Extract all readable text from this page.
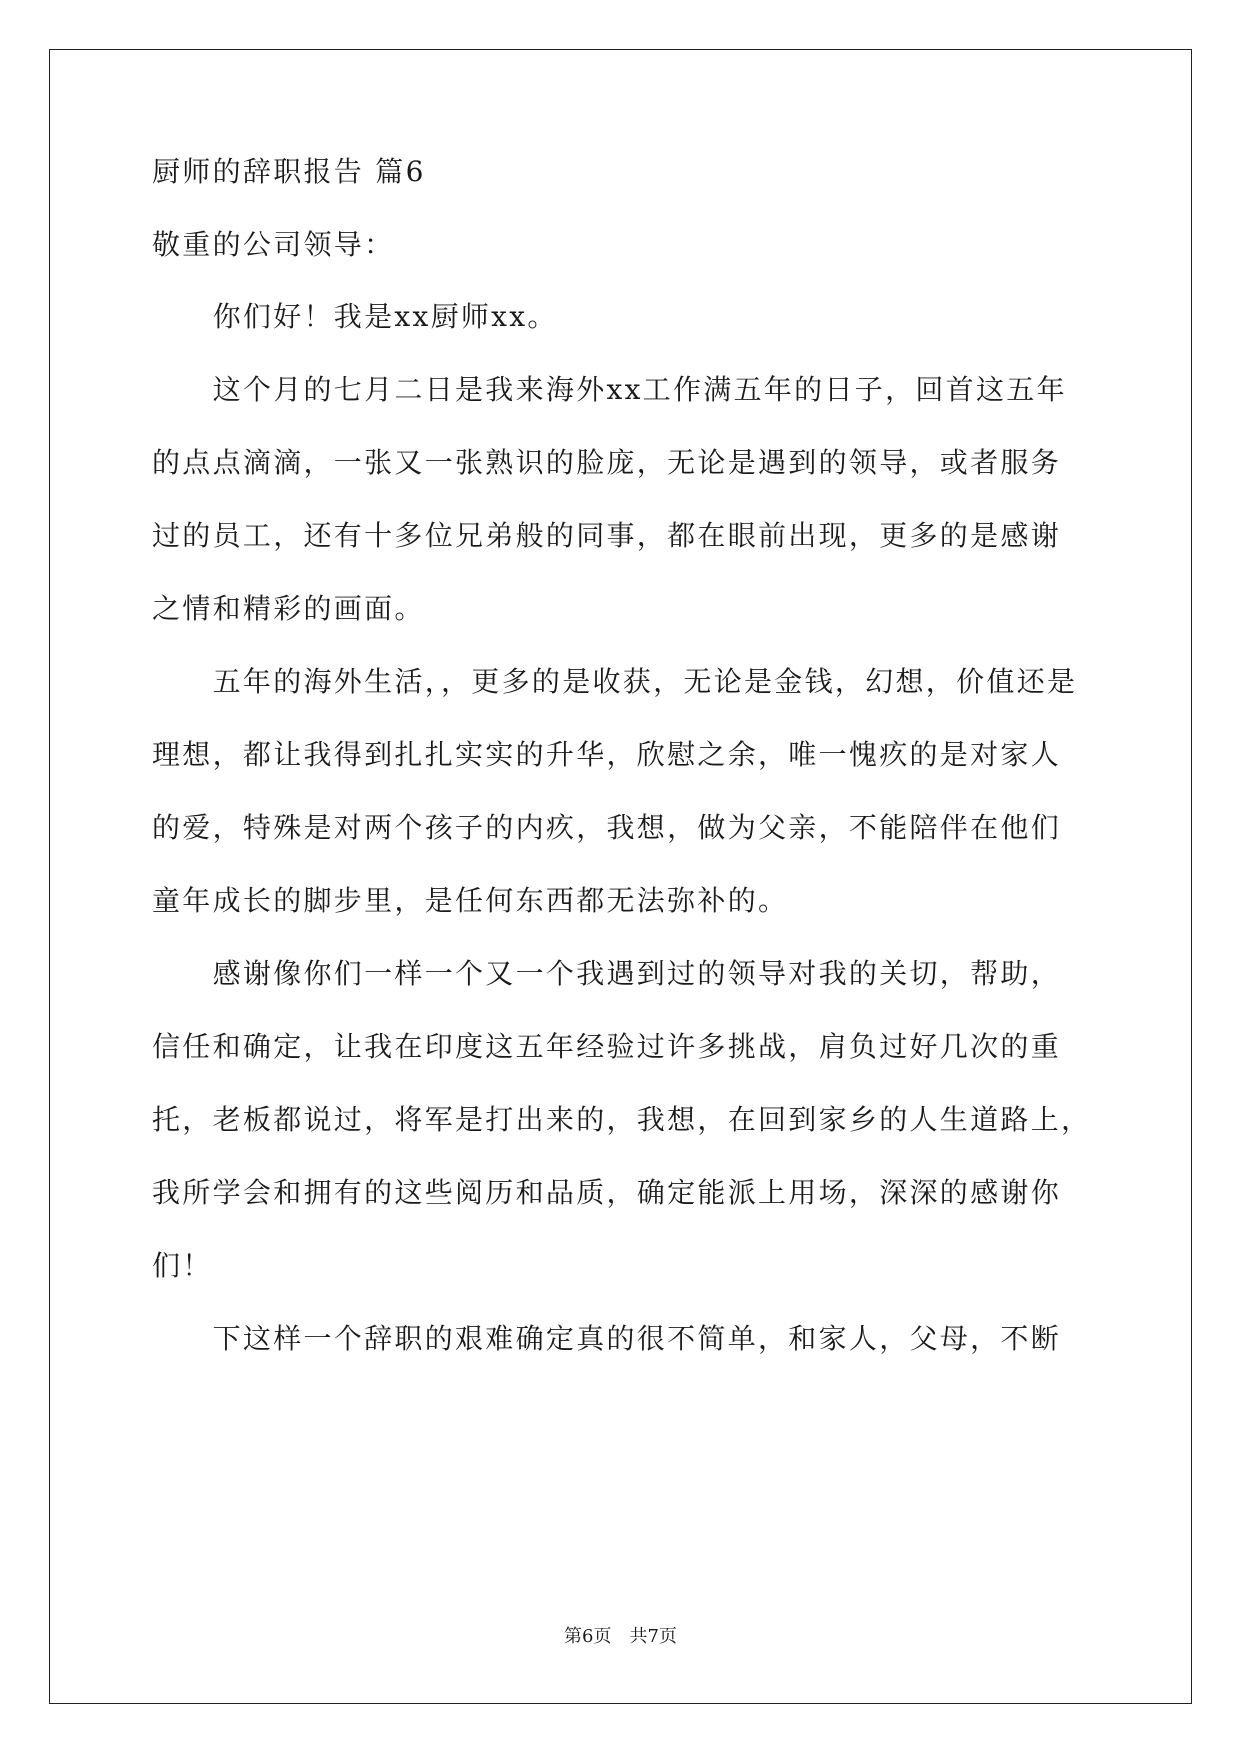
厨师的辞职报告 篇6
敬重的公司领导：
　　你们好！我是xx厨师xx。
　　这个月的七月二日是我来海外xx工作满五年的日子，回首这五年
的点点滴滴，一张又一张熟识的脸庞，无论是遇到的领导，或者服务
过的员工，还有十多位兄弟般的同事，都在眼前出现，更多的是感谢
之情和精彩的画面。
　　五年的海外生活，，更多的是收获，无论是金钱，幻想，价值还是
理想，都让我得到扎扎实实的升华，欣慰之余，唯一愧疚的是对家人
的爱，特殊是对两个孩子的内疚，我想，做为父亲，不能陪伴在他们
童年成长的脚步里，是任何东西都无法弥补的。
　　感谢像你们一样一个又一个我遇到过的领导对我的关切，帮助，
信任和确定，让我在印度这五年经验过许多挑战，肩负过好几次的重
托，老板都说过，将军是打出来的，我想，在回到家乡的人生道路上，
我所学会和拥有的这些阅历和品质，确定能派上用场，深深的感谢你
们！
　　下这样一个辞职的艰难确定真的很不简单，和家人，父母，不断
第6页　共7页
